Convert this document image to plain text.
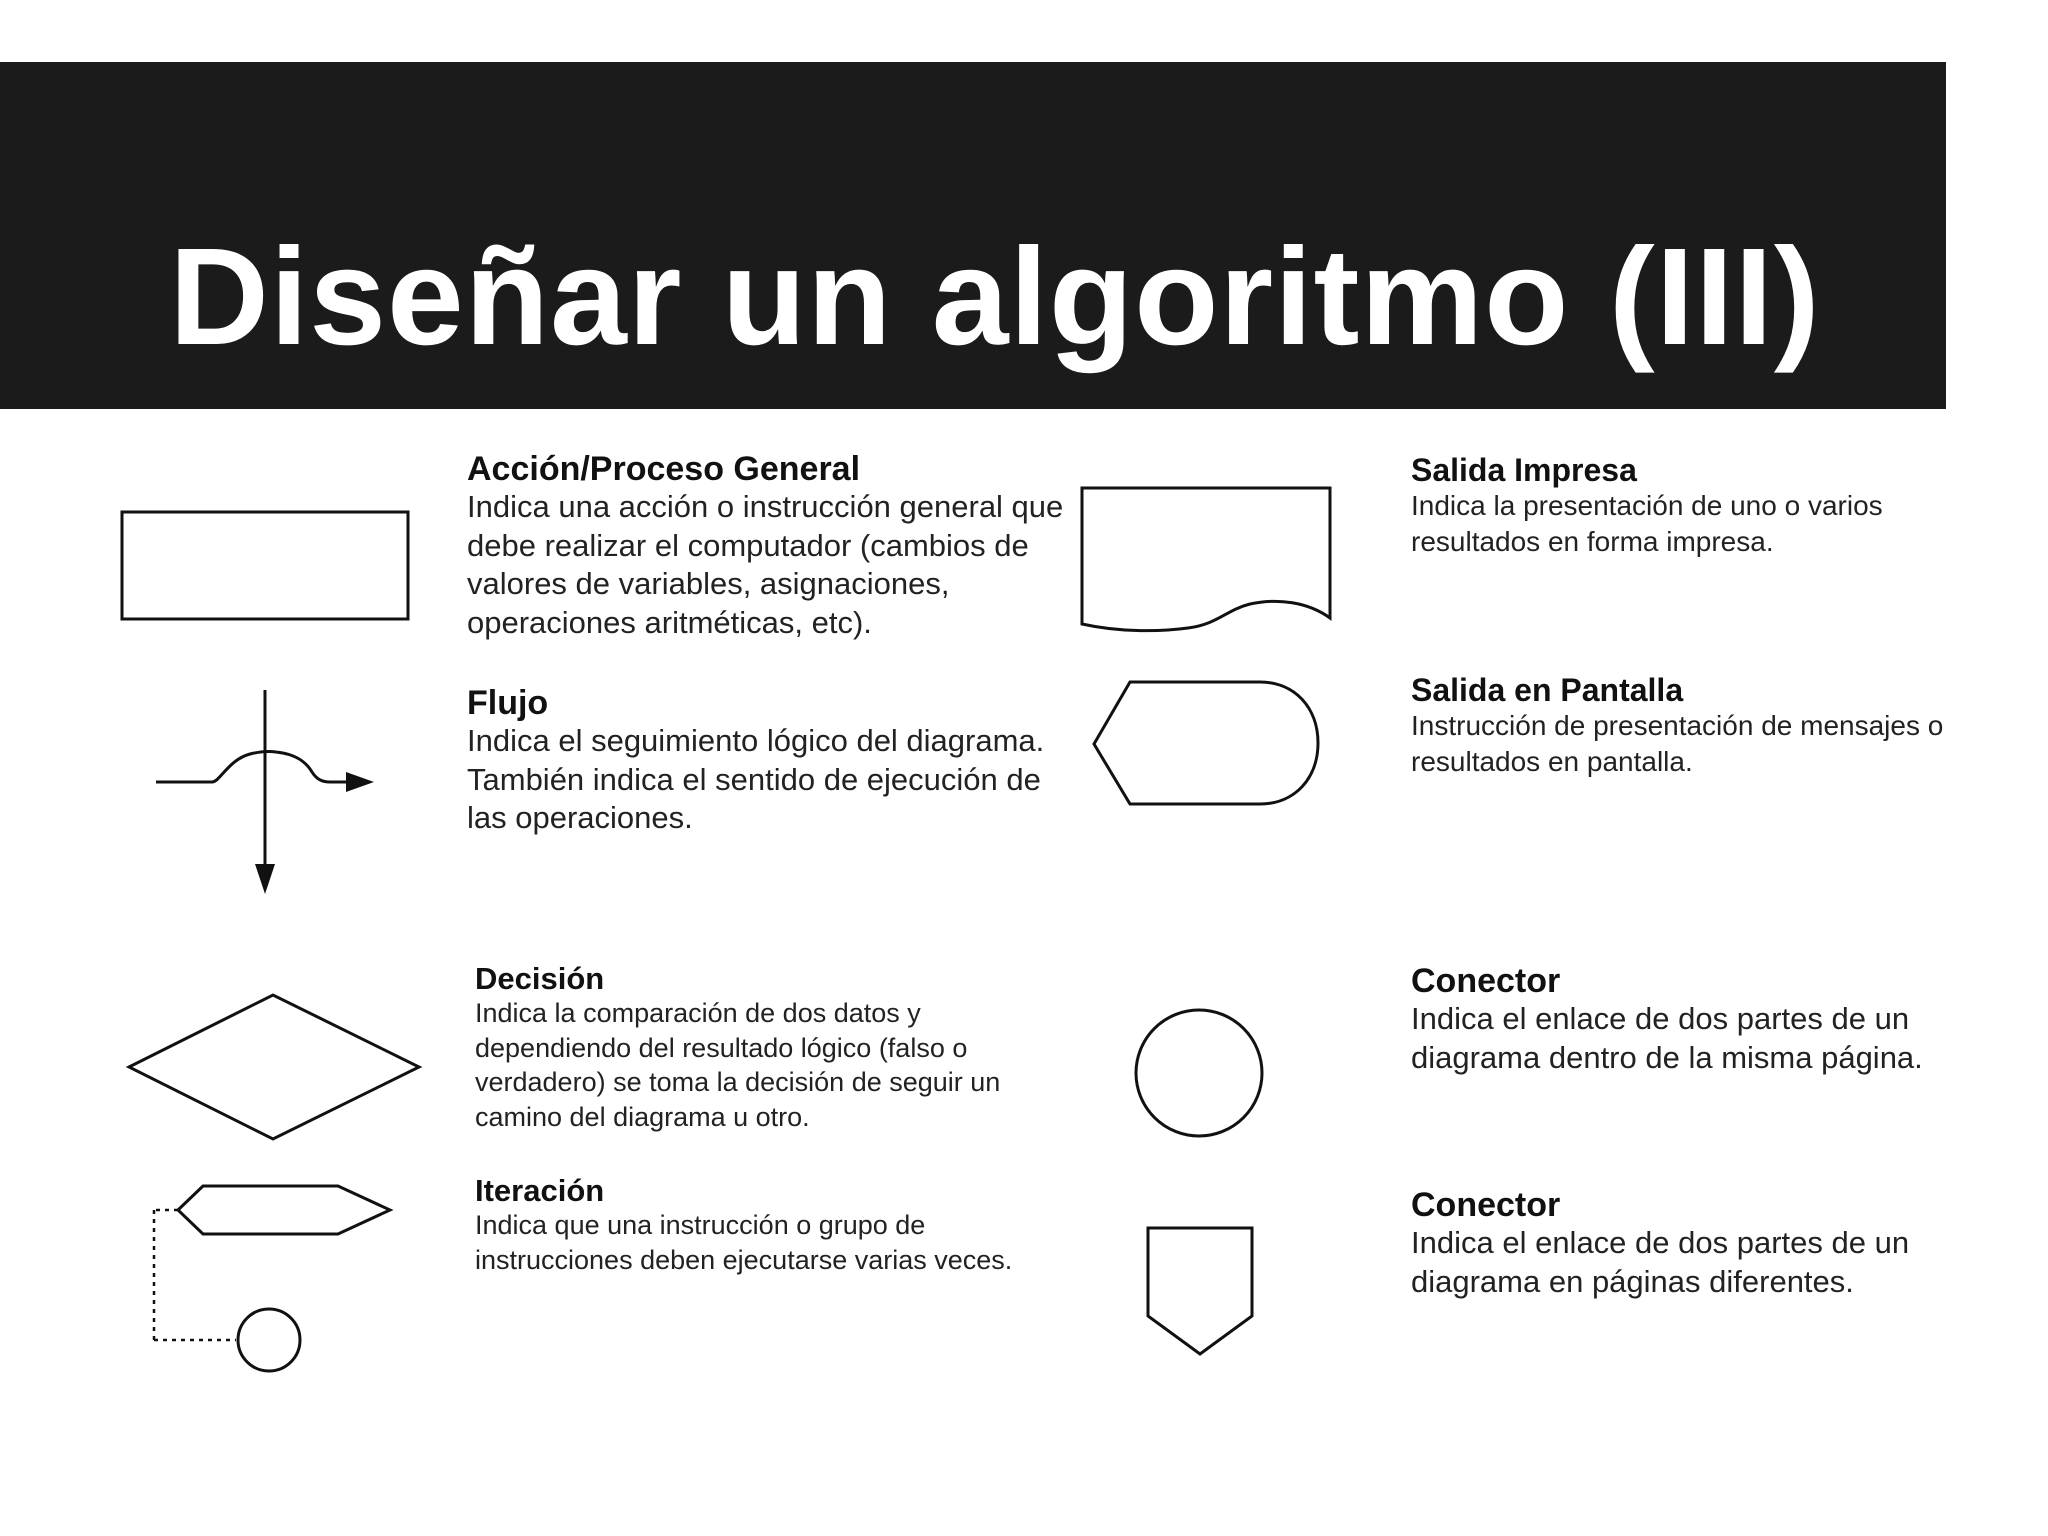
Diseñar un algoritmo (III)
Acción/Proceso General
Indica una acción o instrucción general que debe realizar el computador (cambios de valores de variables, asignaciones, operaciones aritméticas, etc).
Flujo
Indica el seguimiento lógico del diagrama. También indica el sentido de ejecución de las operaciones.
Decisión
Indica la comparación de dos datos y dependiendo del resultado lógico (falso o verdadero) se toma la decisión de seguir un camino del diagrama u otro.
Iteración
Indica que una instrucción o grupo de instrucciones deben ejecutarse varias veces.
Salida Impresa
Indica la presentación de uno o varios resultados en forma impresa.
Salida en Pantalla
Instrucción de presentación de mensajes o resultados en pantalla.
Conector
Indica el enlace de dos partes de un diagrama dentro de la misma página.
Conector
Indica el enlace de dos partes de un diagrama en páginas diferentes.
